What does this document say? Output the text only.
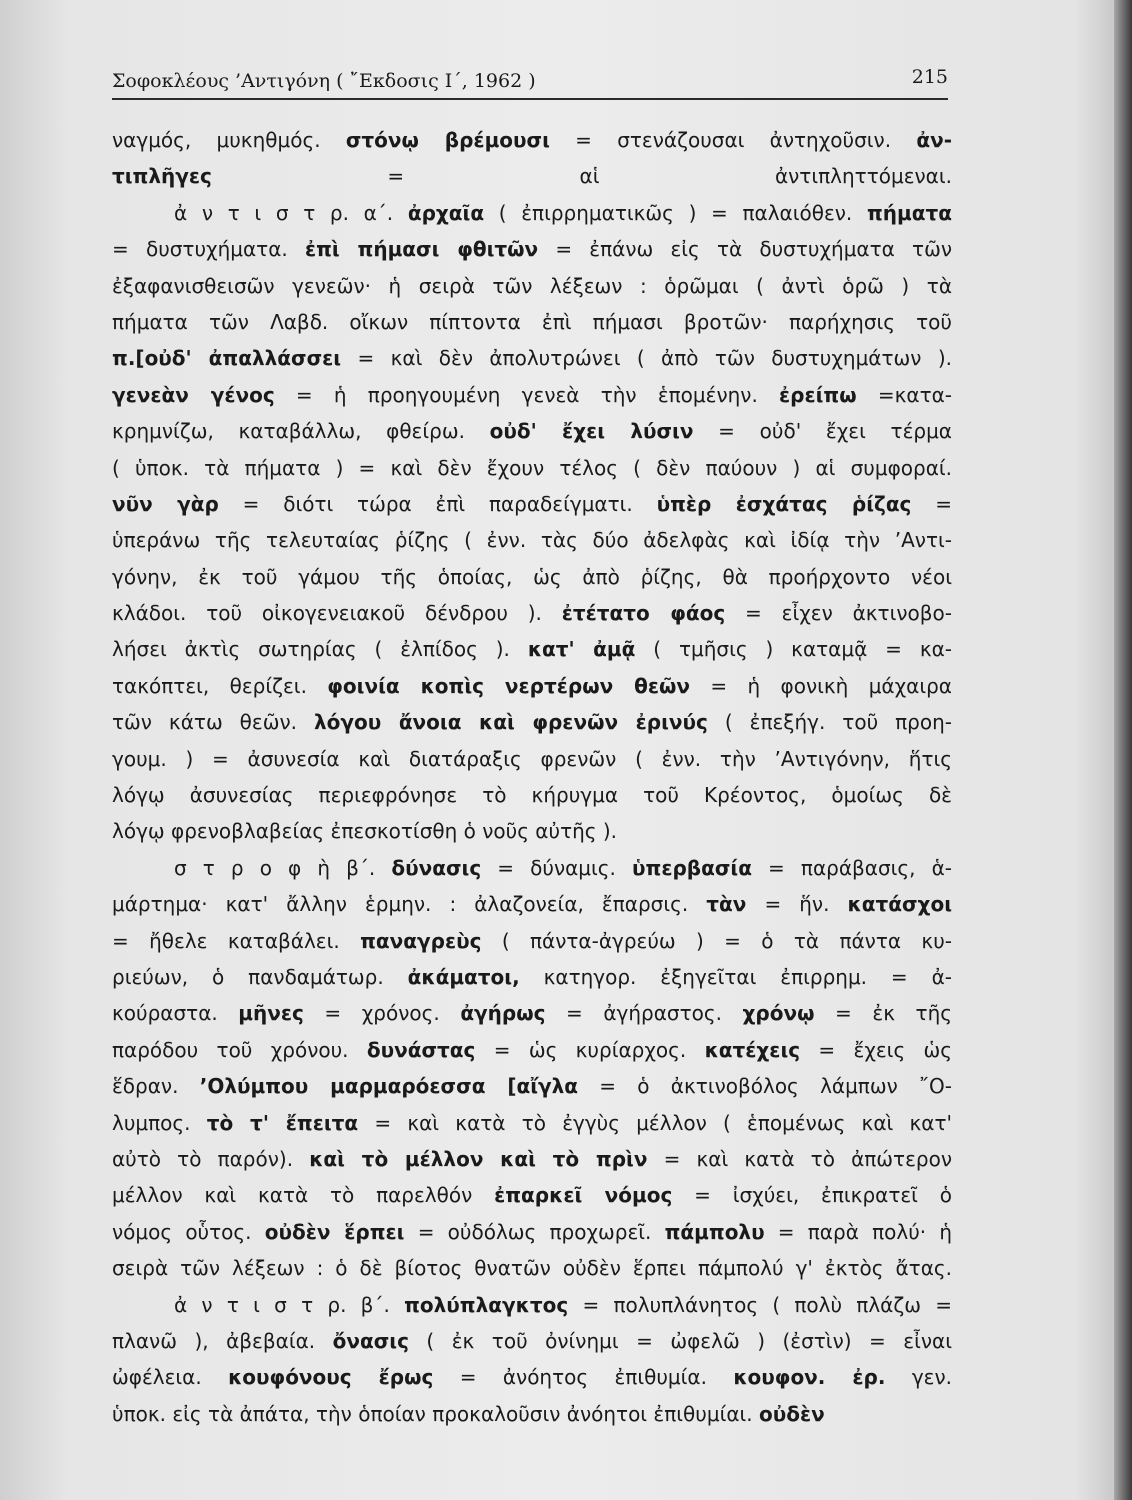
Σοφοκλέους ’Αντιγόνη ( ῎Εκδοσις Ι΄, 1962 )	215
ναγμός, μυκηθμός. στόνῳ βρέμουσι = στενάζουσαι ἀντηχοῦσιν. ἀν-
τιπλῆγες = αἱ ἀντιπληττόμεναι.
ἀ ν τ ι σ τ ρ. α΄. ἀρχαῖα ( ἐπιρρηματικῶς ) = παλαιόθεν. πήματα
= δυστυχήματα. ἐπὶ πήμασι φθιτῶν = ἐπάνω εἰς τὰ δυστυχήματα τῶν
ἐξαφανισθεισῶν γενεῶν· ἡ σειρὰ τῶν λέξεων : ὁρῶμαι ( ἀντὶ ὁρῶ ) τὰ
πήματα τῶν Λαβδ. οἴκων πίπτοντα ἐπὶ πήμασι βροτῶν· παρήχησις τοῦ
π.[οὐδ' ἀπαλλάσσει = καὶ δὲν ἀπολυτρώνει ( ἀπὸ τῶν δυστυχημάτων ).
γενεὰν γένος = ἡ προηγουμένη γενεὰ τὴν ἑπομένην. ἐρείπω =κατα-
κρημνίζω, καταβάλλω, φθείρω. οὐδ' ἔχει λύσιν = οὐδ' ἔχει τέρμα
( ὑποκ. τὰ πήματα ) = καὶ δὲν ἔχουν τέλος ( δὲν παύουν ) αἱ συμφοραί.
νῦν γὰρ = διότι τώρα ἐπὶ παραδείγματι. ὑπὲρ ἐσχάτας ῥίζας =
ὑπεράνω τῆς τελευταίας ῥίζης ( ἐνν. τὰς δύο ἀδελφὰς καὶ ἰδίᾳ τὴν ’Αντι-
γόνην, ἐκ τοῦ γάμου τῆς ὁποίας, ὡς ἀπὸ ῥίζης, θὰ προήρχοντο νέοι
κλάδοι. τοῦ οἰκογενειακοῦ δένδρου ). ἐτέτατο φάος = εἶχεν ἀκτινοβο-
λήσει ἀκτὶς σωτηρίας ( ἐλπίδος ). κατ' ἀμᾷ ( τμῆσις ) καταμᾷ = κα-
τακόπτει, θερίζει. φοινία κοπὶς νερτέρων θεῶν = ἡ φονικὴ μάχαιρα
τῶν κάτω θεῶν. λόγου ἄνοια καὶ φρενῶν ἐρινύς ( ἐπεξήγ. τοῦ προη-
γουμ. ) = ἀσυνεσία καὶ διατάραξις φρενῶν ( ἐνν. τὴν ’Αντιγόνην, ἥτις
λόγῳ ἀσυνεσίας περιεφρόνησε τὸ κήρυγμα τοῦ Κρέοντος, ὁμοίως δὲ
λόγῳ φρενοβλαβείας ἐπεσκοτίσθη ὁ νοῦς αὐτῆς ).
σ τ ρ ο φ ὴ β΄. δύνασις = δύναμις. ὑπερβασία = παράβασις, ἁ-
μάρτημα· κατ' ἄλλην ἑρμην. : ἀλαζονεία, ἔπαρσις. τὰν = ἥν. κατάσχοι
= ἤθελε καταβάλει. παναγρεὺς ( πάντα-ἀγρεύω ) = ὁ τὰ πάντα κυ-
ριεύων, ὁ πανδαμάτωρ. ἀκάματοι, κατηγορ. ἐξηγεῖται ἐπιρρημ. = ἀ-
κούραστα. μῆνες = χρόνος. ἀγήρως = ἀγήραστος. χρόνῳ = ἐκ τῆς
παρόδου τοῦ χρόνου. δυνάστας = ὡς κυρίαρχος. κατέχεις = ἔχεις ὡς
ἕδραν. ’Ολύμπου μαρμαρόεσσα [αἴγλα = ὁ ἀκτινοβόλος λάμπων ῎Ο-
λυμπος. τὸ τ' ἔπειτα = καὶ κατὰ τὸ ἐγγὺς μέλλον ( ἑπομένως καὶ κατ'
αὐτὸ τὸ παρόν). καὶ τὸ μέλλον καὶ τὸ πρὶν = καὶ κατὰ τὸ ἀπώτερον
μέλλον καὶ κατὰ τὸ παρελθόν ἐπαρκεῖ νόμος = ἰσχύει, ἐπικρατεῖ ὁ
νόμος οὗτος. οὐδὲν ἕρπει = οὐδόλως προχωρεῖ. πάμπολυ = παρὰ πολύ· ἡ
σειρὰ τῶν λέξεων : ὁ δὲ βίοτος θνατῶν οὐδὲν ἕρπει πάμπολύ γ' ἐκτὸς ἄτας.
ἀ ν τ ι σ τ ρ. β΄. πολύπλαγκτος = πολυπλάνητος ( πολὺ πλάζω =
πλανῶ ), ἀβεβαία. ὄνασις ( ἐκ τοῦ ὀνίνημι = ὠφελῶ ) (ἐστὶν) = εἶναι
ὠφέλεια. κουφόνους ἔρως = ἀνόητος ἐπιθυμία. κουφον. ἐρ. γεν.
ὑποκ. εἰς τὰ ἀπάτα, τὴν ὁποίαν προκαλοῦσιν ἀνόητοι ἐπιθυμίαι. οὐδὲν
